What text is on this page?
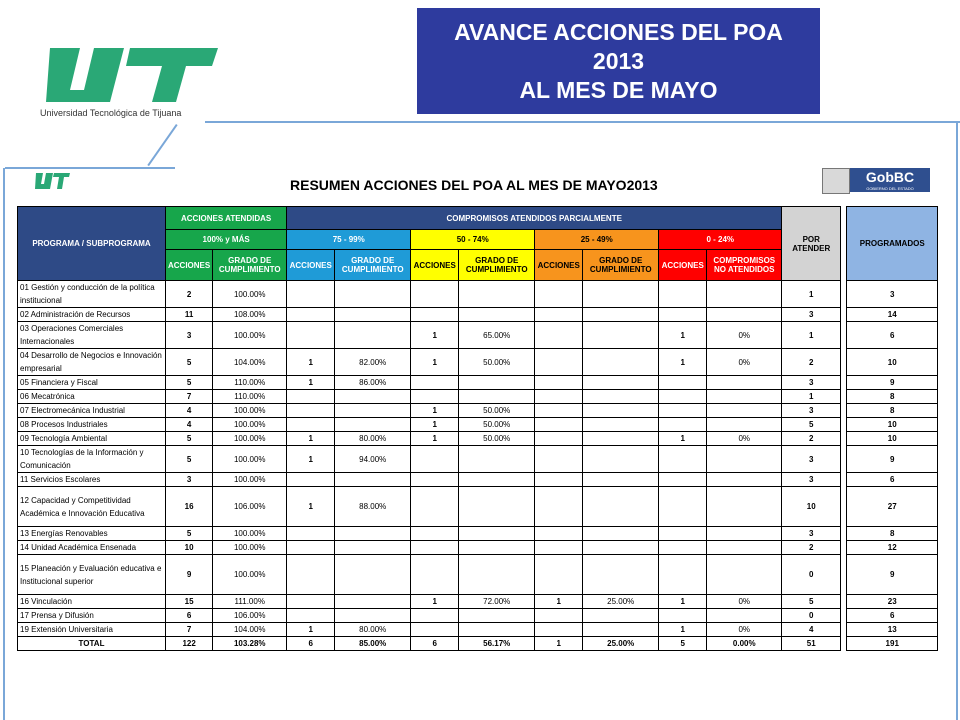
Universidad Tecnológica de Tijuana
AVANCE ACCIONES DEL POA
2013
AL MES DE MAYO
RESUMEN ACCIONES DEL POA AL MES DE MAYO2013	GobBC
GOBIERNO DEL ESTADO
PROGRAMA / SUBPROGRAMA	ACCIONES ATENDIDAS		COMPROMISOS ATENDIDOS PARCIALMENTE								POR ATENDER		PROGRAMADOS
	100% y MÁS		75 - 99%		50 - 74%		25 - 49%		0 - 24%				
	ACCIONES	GRADO DE CUMPLIMIENTO	ACCIONES	GRADO DE CUMPLIMIENTO	ACCIONES	GRADO DE CUMPLIMIENTO	ACCIONES	GRADO DE CUMPLIMIENTO	ACCIONES	COMPROMISOS NO ATENDIDOS			
01 Gestión y conducción de la política institucional	2	100.00%									1		3
02 Administración de Recursos	11	108.00%									3		14
03 Operaciones Comerciales Internacionales	3	100.00%			1	65.00%			1	0%	1		6
04 Desarrollo de Negocios e Innovación empresarial	5	104.00%	1	82.00%	1	50.00%			1	0%	2		10
05 Financiera y Fiscal	5	110.00%	1	86.00%							3		9
06 Mecatrónica	7	110.00%									1		8
07 Electromecánica Industrial	4	100.00%			1	50.00%					3		8
08 Procesos Industriales	4	100.00%			1	50.00%					5		10
09 Tecnología Ambiental	5	100.00%	1	80.00%	1	50.00%			1	0%	2		10
10 Tecnologías de la Información y Comunicación	5	100.00%	1	94.00%							3		9
11 Servicios Escolares	3	100.00%									3		6
12 Capacidad y Competitividad Académica e Innovación Educativa	16	106.00%	1	88.00%							10		27
13 Energías Renovables	5	100.00%									3		8
14 Unidad Académica Ensenada	10	100.00%									2		12
15 Planeación y Evaluación educativa e Institucional superior	9	100.00%									0		9
16 Vinculación	15	111.00%			1	72.00%	1	25.00%	1	0%	5		23
17 Prensa y Difusión	6	106.00%									0		6
19 Extensión Universitaria	7	104.00%	1	80.00%					1	0%	4		13
TOTAL	122	103.28%	6	85.00%	6	56.17%	1	25.00%	5	0.00%	51		191
